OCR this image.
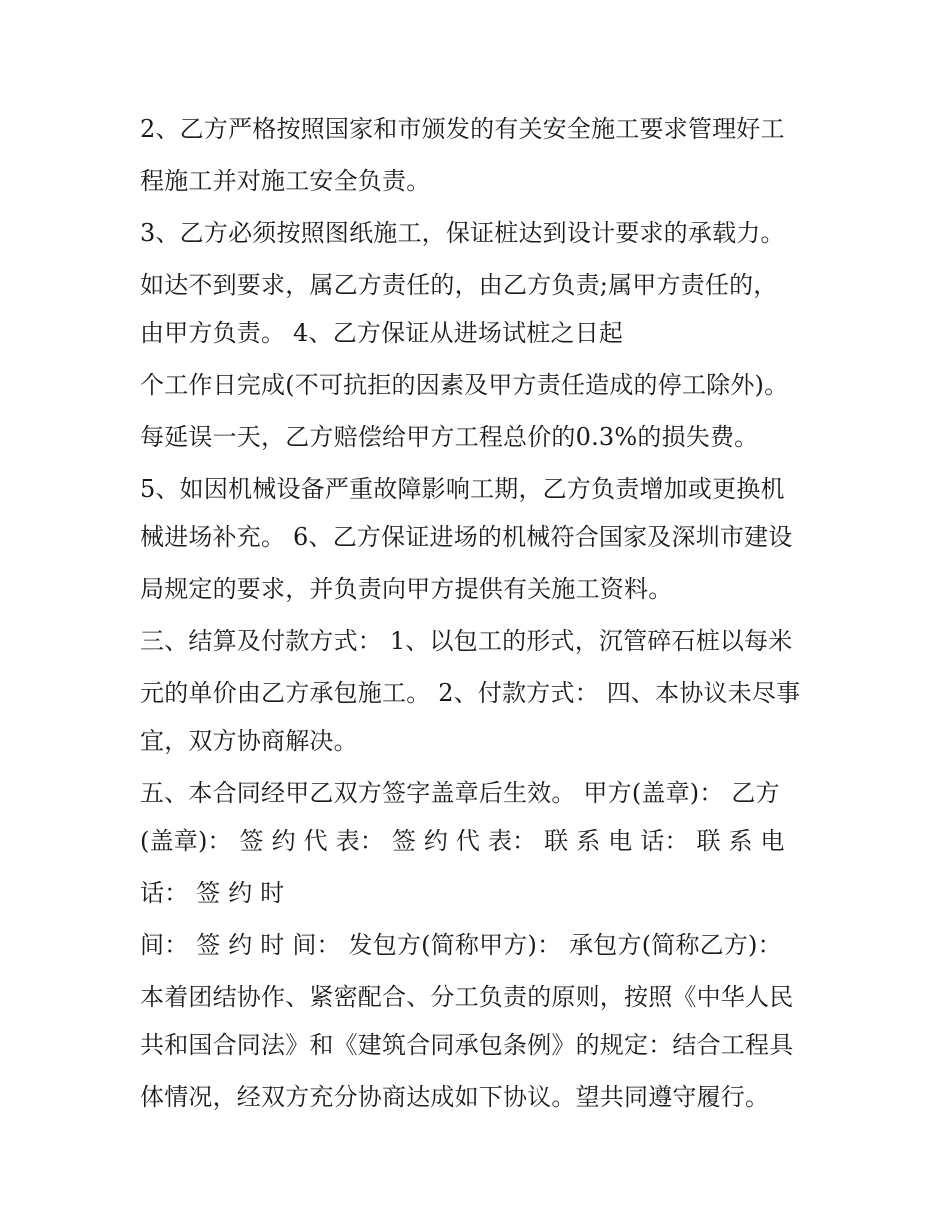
2、乙方严格按照国家和市颁发的有关安全施工要求管理好工
程施工并对施工安全负责。
3、乙方必须按照图纸施工，保证桩达到设计要求的承载力。
如达不到要求，属乙方责任的，由乙方负责;属甲方责任的，
由甲方负责。 4、乙方保证从进场试桩之日起
个工作日完成(不可抗拒的因素及甲方责任造成的停工除外)。
每延误一天，乙方赔偿给甲方工程总价的0.3%的损失费。
5、如因机械设备严重故障影响工期，乙方负责增加或更换机
械进场补充。 6、乙方保证进场的机械符合国家及深圳市建设
局规定的要求，并负责向甲方提供有关施工资料。
三、结算及付款方式： 1、以包工的形式，沉管碎石桩以每米
元的单价由乙方承包施工。 2、付款方式： 四、本协议未尽事
宜，双方协商解决。
五、本合同经甲乙双方签字盖章后生效。 甲方(盖章)： 乙方
(盖章)： 签 约 代 表： 签 约 代 表： 联 系 电 话： 联 系 电
话： 签 约 时
间： 签 约 时 间： 发包方(简称甲方)： 承包方(简称乙方)：
本着团结协作、紧密配合、分工负责的原则，按照《中华人民
共和国合同法》和《建筑合同承包条例》的规定：结合工程具
体情况，经双方充分协商达成如下协议。望共同遵守履行。
